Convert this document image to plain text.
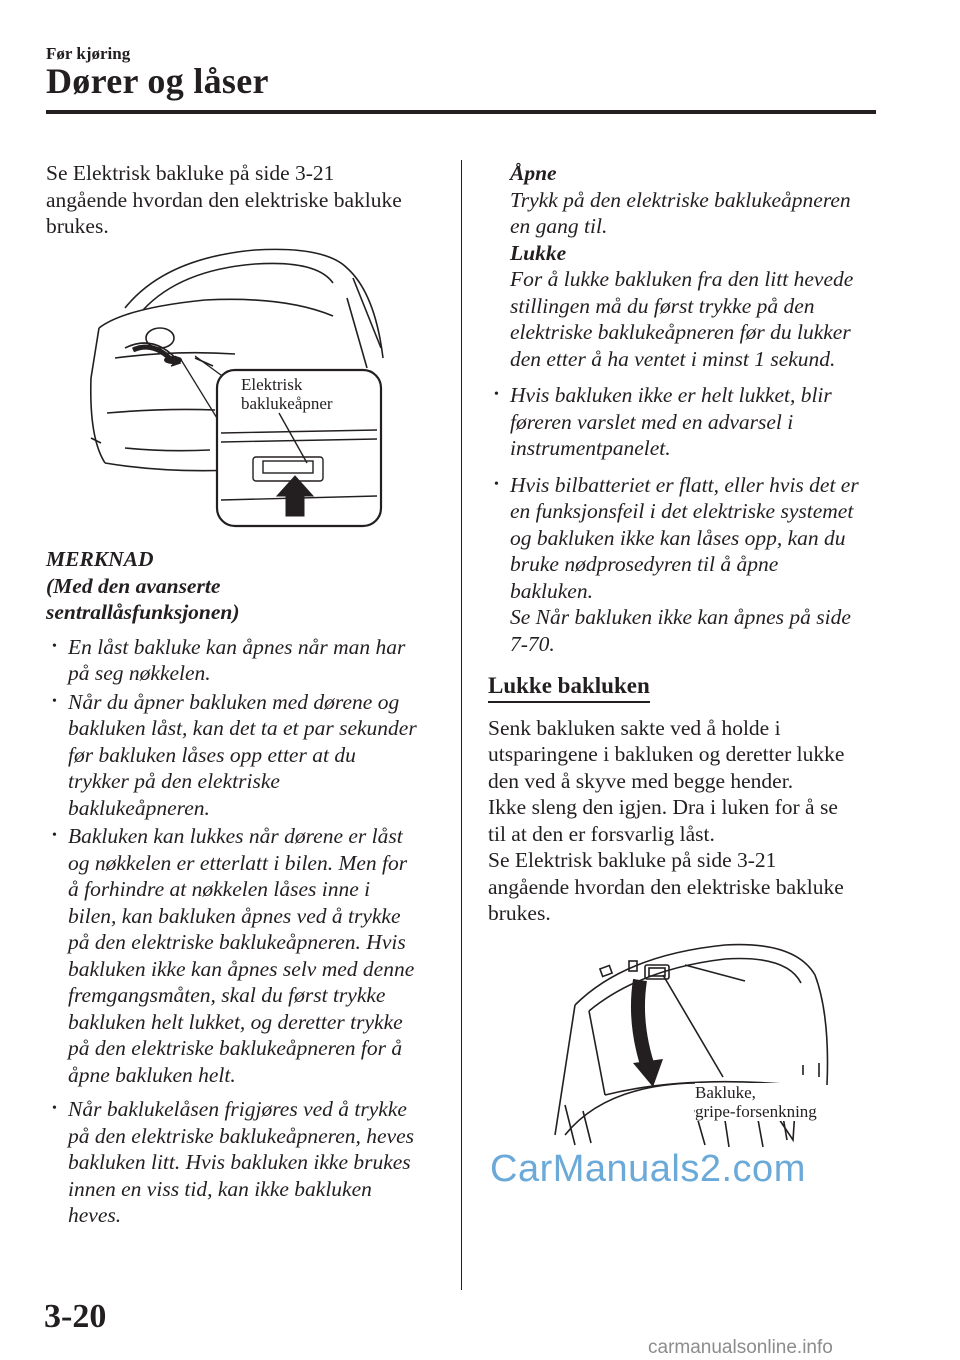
Før kjøring
Dører og låser

Se Elektrisk bakluke på side 3-21

angående hvordan den elektriske bakluke

brukes.

Elektrisk
baklukeåpner

MERKNAD

(Med den avanserte

sentrallåsfunksjonen)

• En låst bakluke kan åpnes når man har

på seg nøkkelen.

• Når du åpner bakluken med dørene og

bakluken låst, kan det ta et par sekunder

før bakluken låses opp etter at du

trykker på den elektriske

baklukeåpneren.

• Bakluken kan lukkes når dørene er låst

og nøkkelen er etterlatt i bilen. Men for

å forhindre at nøkkelen låses inne i

bilen, kan bakluken åpnes ved å trykke

på den elektriske baklukeåpneren. Hvis

bakluken ikke kan åpnes selv med denne

fremgangsmåten, skal du først trykke

bakluken helt lukket, og deretter trykke

på den elektriske baklukeåpneren for å

åpne bakluken helt.

• Når baklukelåsen frigjøres ved å trykke

på den elektriske baklukeåpneren, heves

bakluken litt. Hvis bakluken ikke brukes

innen en viss tid, kan ikke bakluken

heves.

Åpne

Trykk på den elektriske baklukeåpneren

en gang til.

Lukke

For å lukke bakluken fra den litt hevede

stillingen må du først trykke på den

elektriske baklukeåpneren før du lukker

den etter å ha ventet i minst 1 sekund.

• Hvis bakluken ikke er helt lukket, blir

føreren varslet med en advarsel i

instrumentpanelet.

• Hvis bilbatteriet er flatt, eller hvis det er

en funksjonsfeil i det elektriske systemet

og bakluken ikke kan låses opp, kan du

bruke nødprosedyren til å åpne

bakluken.

Se Når bakluken ikke kan åpnes på side

7-70.

Lukke bakluken

Senk bakluken sakte ved å holde i

utsparingene i bakluken og deretter lukke

den ved å skyve med begge hender.

Ikke sleng den igjen. Dra i luken for å se

til at den er forsvarlig låst.

Se Elektrisk bakluke på side 3-21

angående hvordan den elektriske bakluke

brukes.

Bakluke,
gripe-forsenkning
3-20
CarManuals2.com
carmanualsonline.info
